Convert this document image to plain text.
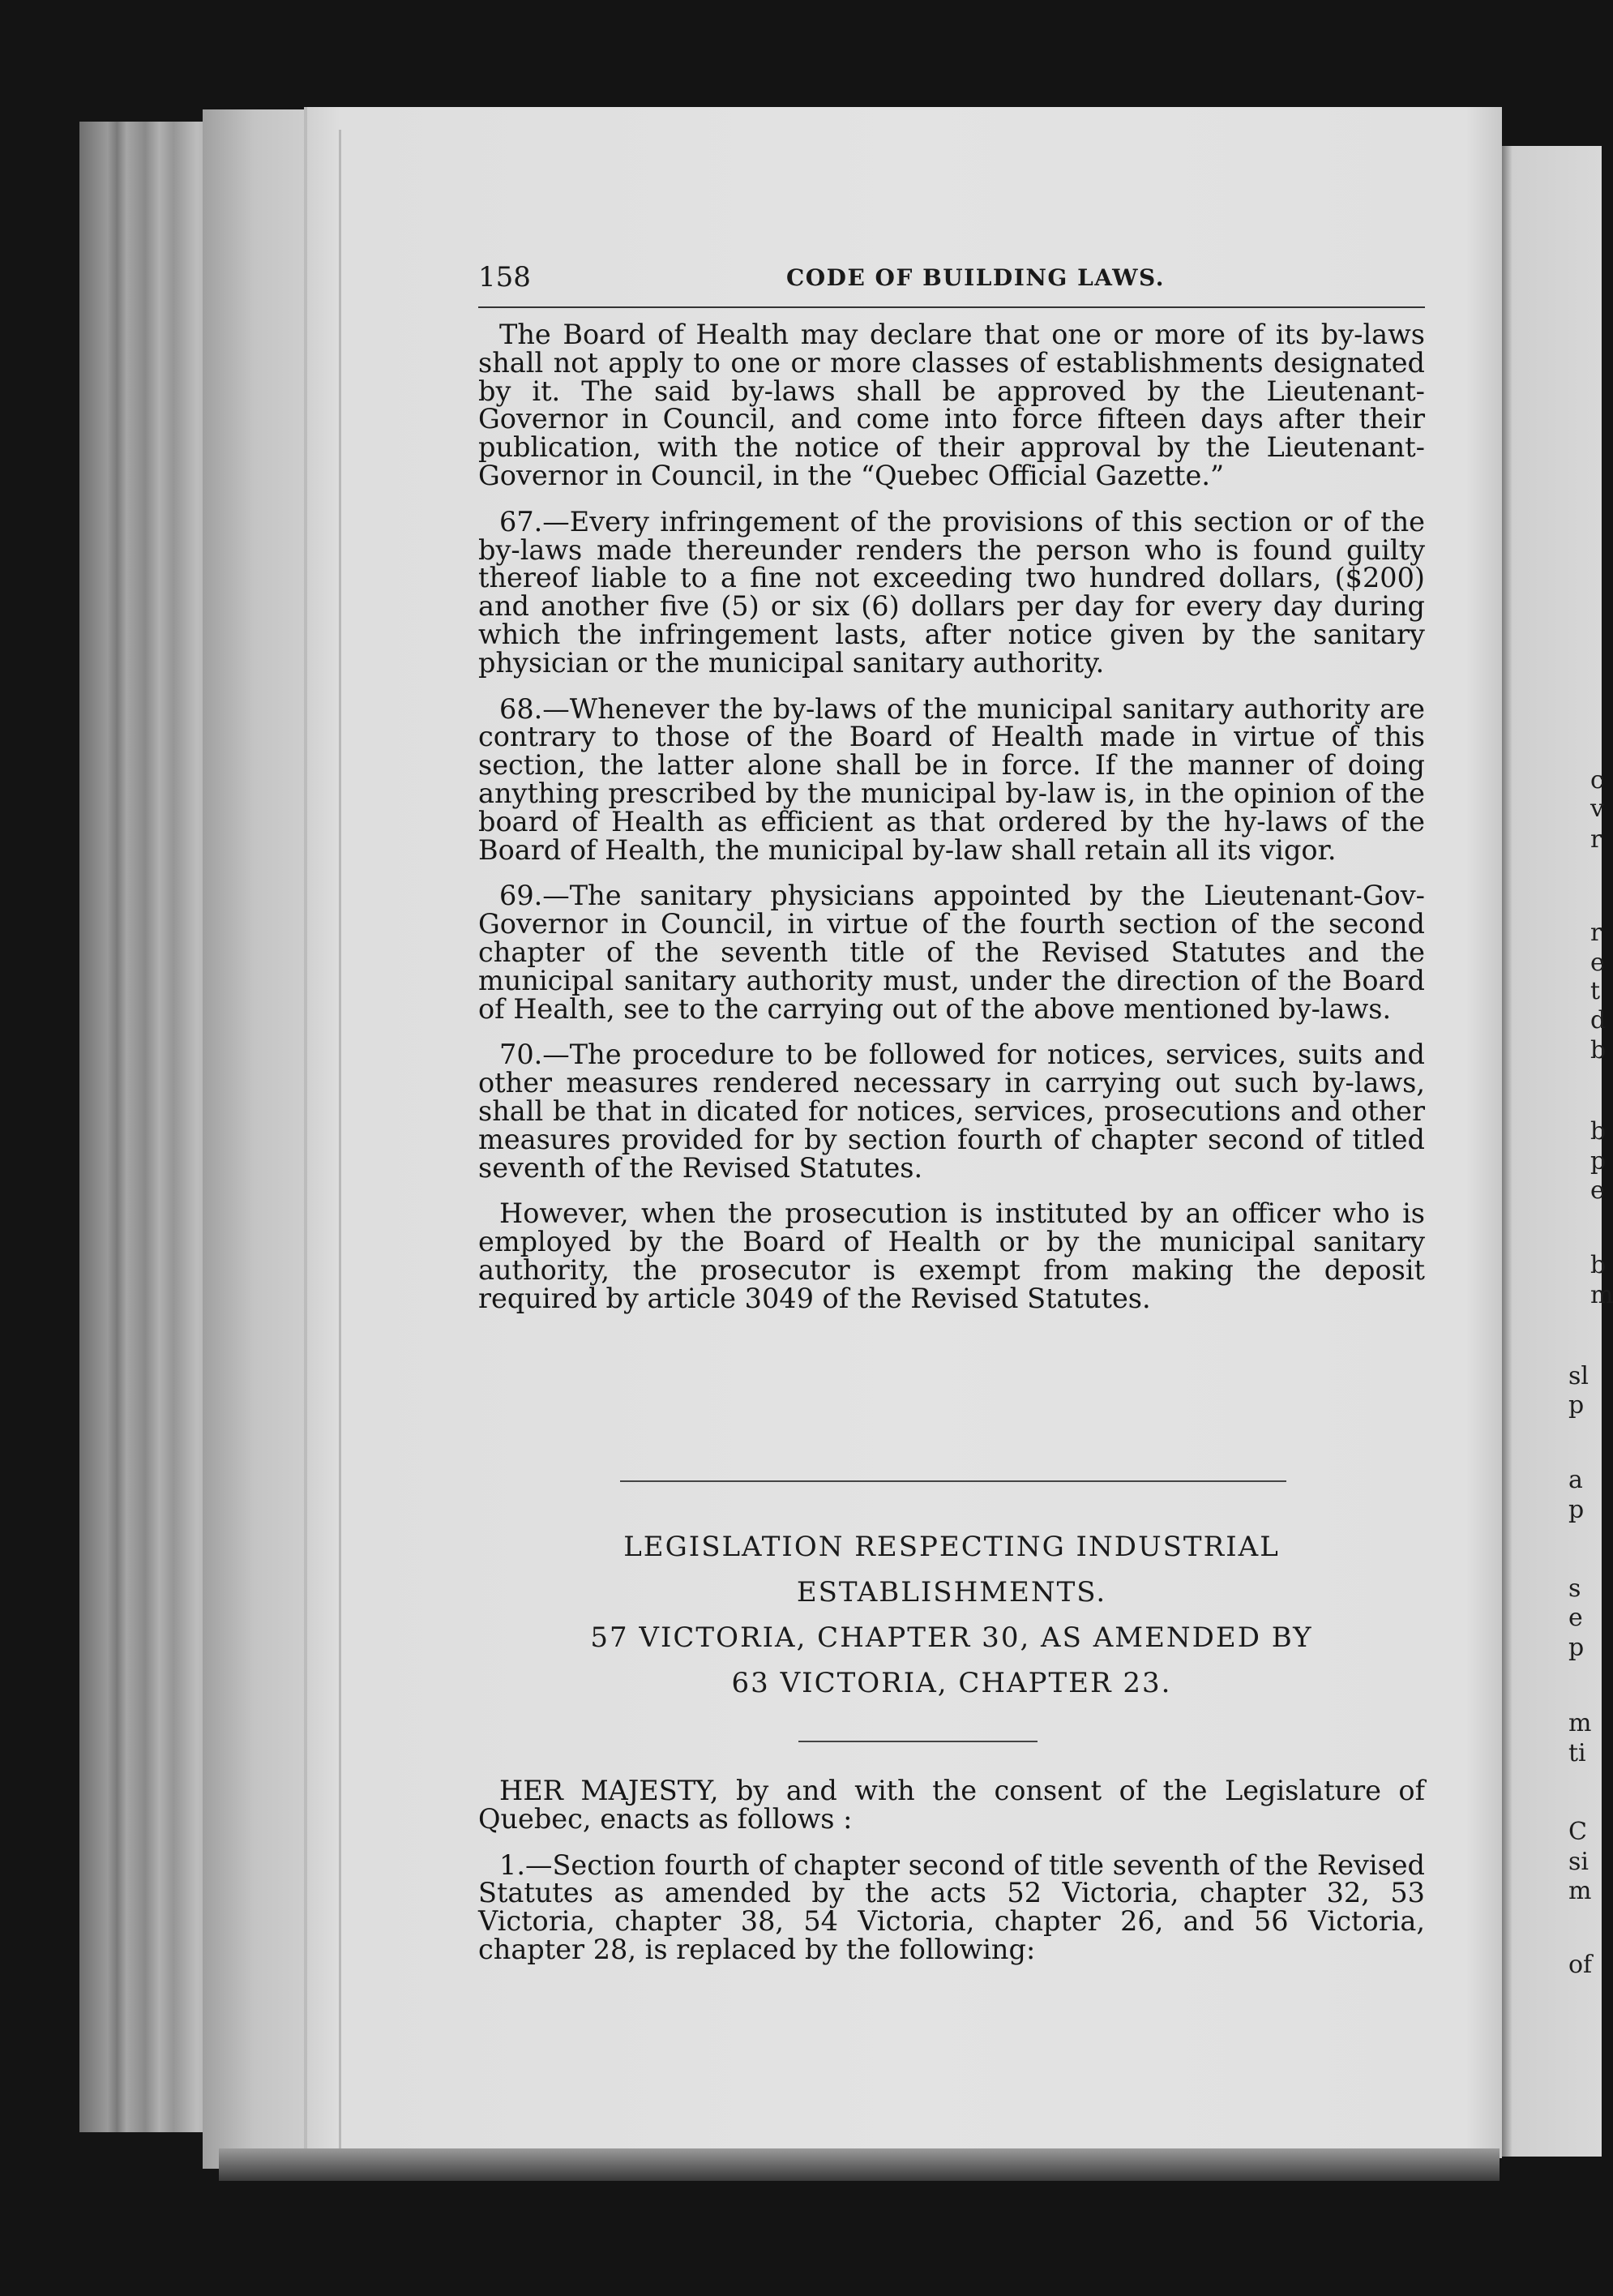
c
v
r
r
e
t
d
b
b
p
e
b
m
sl
p
a
p
s
e
p
m
ti
C
si
m
of
158	CODE OF BUILDING LAWS.

The Board of Health may declare that one or more of its by-laws shall not apply to one or more classes of establishments designated by it. The said by-laws shall be approved by the Lieutenant-Governor in Council, and come into force fifteen days after their publication, with the notice of their approval by the Lieutenant-Governor in Council, in the “Quebec Official Gazette.”

67.—Every infringement of the provisions of this section or of the by-laws made thereunder renders the person who is found guilty thereof liable to a fine not exceeding two hundred dollars, ($200) and another five (5) or six (6) dollars per day for every day during which the infringement lasts, after notice given by the sanitary physician or the municipal sanitary authority.

68.—Whenever the by-laws of the municipal sanitary authority are contrary to those of the Board of Health made in virtue of this section, the latter alone shall be in force. If the manner of doing anything prescribed by the municipal by-law is, in the opinion of the board of Health as efficient as that ordered by the hy-laws of the Board of Health, the municipal by-law shall retain all its vigor.

69.—The sanitary physicians appointed by the Lieutenant-Gov-Governor in Council, in virtue of the fourth section of the second chapter of the seventh title of the Revised Statutes and the municipal sanitary authority must, under the direction of the Board of Health, see to the carrying out of the above mentioned by-laws.

70.—The procedure to be followed for notices, services, suits and other measures rendered necessary in carrying out such by-laws, shall be that in dicated for notices, services, prosecutions and other measures provided for by section fourth of chapter second of titled seventh of the Revised Statutes.

However, when the prosecution is instituted by an officer who is employed by the Board of Health or by the municipal sanitary authority, the prosecutor is exempt from making the deposit required by article 3049 of the Revised Statutes.

LEGISLATION RESPECTING INDUSTRIAL
ESTABLISHMENTS.
57 VICTORIA, CHAPTER 30, AS AMENDED BY
63 VICTORIA, CHAPTER 23.

HER MAJESTY, by and with the consent of the Legislature of Quebec, enacts as follows :

1.—Section fourth of chapter second of title seventh of the Revised Statutes as amended by the acts 52 Victoria, chapter 32, 53 Victoria, chapter 38, 54 Victoria, chapter 26, and 56 Victoria, chapter 28, is replaced by the following:
